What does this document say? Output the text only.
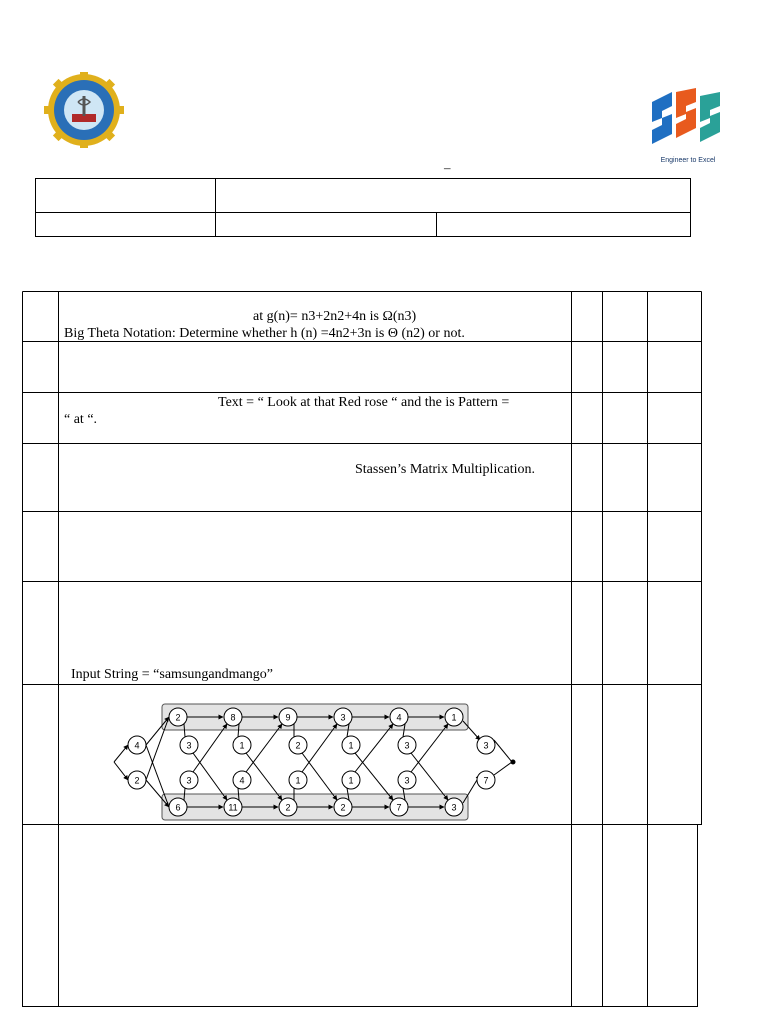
Engineer to Excel
–
at g(n)= n3+2n2+4n is Ω(n3)
Big Theta Notation: Determine whether h (n) =4n2+3n is Θ (n2) or not.
Text = “ Look at that Red rose “ and the is Pattern =
“ at “.
Stassen’s Matrix Multiplication.
Input String = “samsungandmango”
4
2
2	8	9	3	4	1
3	1	2	1	3
3	4	1	1	3
6	11	2	2	7	3
3
7
